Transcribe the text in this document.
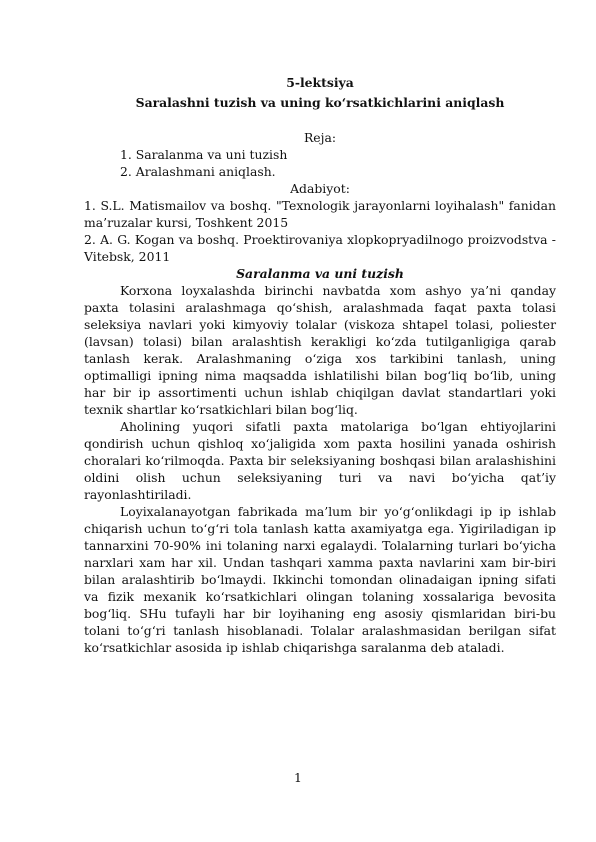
5-lektsiya

Saralashni tuzish va uning ko‘rsatkichlarini aniqlash

Reja:

1. Saralanma va uni tuzish
2. Aralashmani aniqlash.

Adabiyot:

1. S.L. Matismailov va boshq. "Texnologik jarayonlarni loyihalash" fanidan ma’ruzalar kursi, Toshkent 2015

2. A. G. Kogan va boshq. Proektirovaniya xlopkopryadilnogo proizvodstva -Vitebsk, 2011

Saralanma va uni tuzish

Korxona loyxalashda birinchi navbatda xom ashyo ya’ni qanday paxta tolasini aralashmaga qo‘shish, aralashmada faqat paxta tolasi seleksiya navlari yoki kimyoviy tolalar (viskoza shtapel tolasi, poliester (lavsan) tolasi) bilan aralashtish kerakligi ko‘zda tutilganligiga qarab tanlash kerak. Aralashmaning o‘ziga xos tarkibini tanlash, uning optimalligi ipning nima maqsadda ishlatilishi bilan bog‘liq bo‘lib, uning har bir ip assortimenti uchun ishlab chiqilgan davlat standartlari yoki texnik shartlar ko‘rsatkichlari bilan bog‘liq.

Aholining yuqori sifatli paxta matolariga bo‘lgan ehtiyojlarini qondirish uchun qishloq xo‘jaligida xom paxta hosilini yanada oshirish choralari ko‘rilmoqda. Paxta bir seleksiyaning boshqasi bilan aralashishini oldini olish uchun seleksiyaning turi va navi bo‘yicha qat’iy rayonlashtiriladi.

Loyixalanayotgan fabrikada ma’lum bir yo‘g‘onlikdagi ip ip ishlab chiqarish uchun to‘g‘ri tola tanlash katta axamiyatga ega. Yigiriladigan ip tannarxini 70-90% ini tolaning narxi egalaydi. Tolalarning turlari bo‘yicha narxlari xam har xil. Undan tashqari xamma paxta navlarini xam bir-biri bilan aralashtirib bo‘lmaydi. Ikkinchi tomondan olinadaigan ipning sifati va fizik mexanik ko‘rsatkichlari olingan tolaning xossalariga bevosita bog‘liq. SHu tufayli har bir loyihaning eng asosiy qismlaridan biri-bu tolani to‘g‘ri tanlash hisoblanadi. Tolalar aralashmasidan berilgan sifat ko‘rsatkichlar asosida ip ishlab chiqarishga saralanma deb ataladi.

1
